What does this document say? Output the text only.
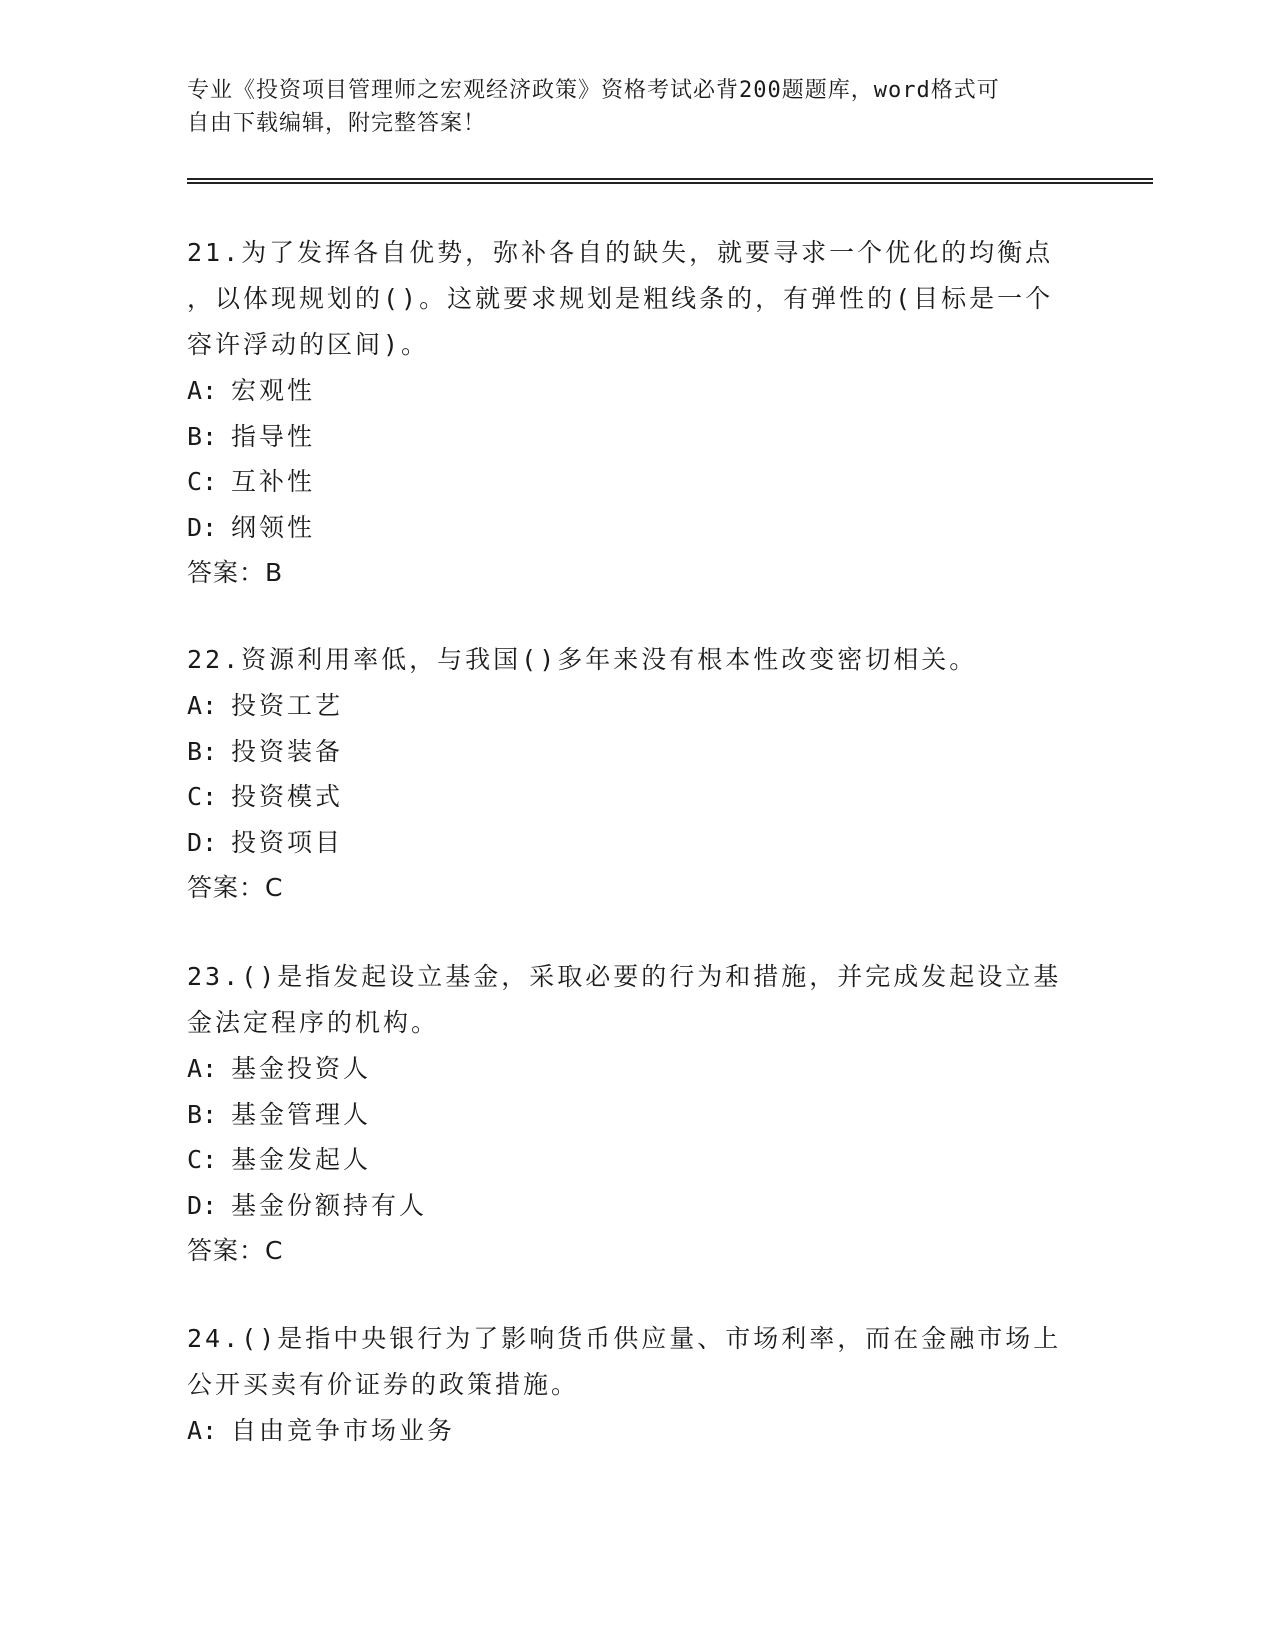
专业《投资项目管理师之宏观经济政策》资格考试必背200题题库，word格式可
自由下载编辑，附完整答案！

21.为了发挥各自优势，弥补各自的缺失，就要寻求一个优化的均衡点

，以体现规划的()。这就要求规划是粗线条的，有弹性的(目标是一个

容许浮动的区间)。

A: 宏观性

B: 指导性

C: 互补性

D: 纲领性

答案：B

22.资源利用率低，与我国()多年来没有根本性改变密切相关。

A: 投资工艺

B: 投资装备

C: 投资模式

D: 投资项目

答案：C

23.()是指发起设立基金，采取必要的行为和措施，并完成发起设立基

金法定程序的机构。

A: 基金投资人

B: 基金管理人

C: 基金发起人

D: 基金份额持有人

答案：C

24.()是指中央银行为了影响货币供应量、市场利率，而在金融市场上

公开买卖有价证券的政策措施。

A: 自由竞争市场业务
